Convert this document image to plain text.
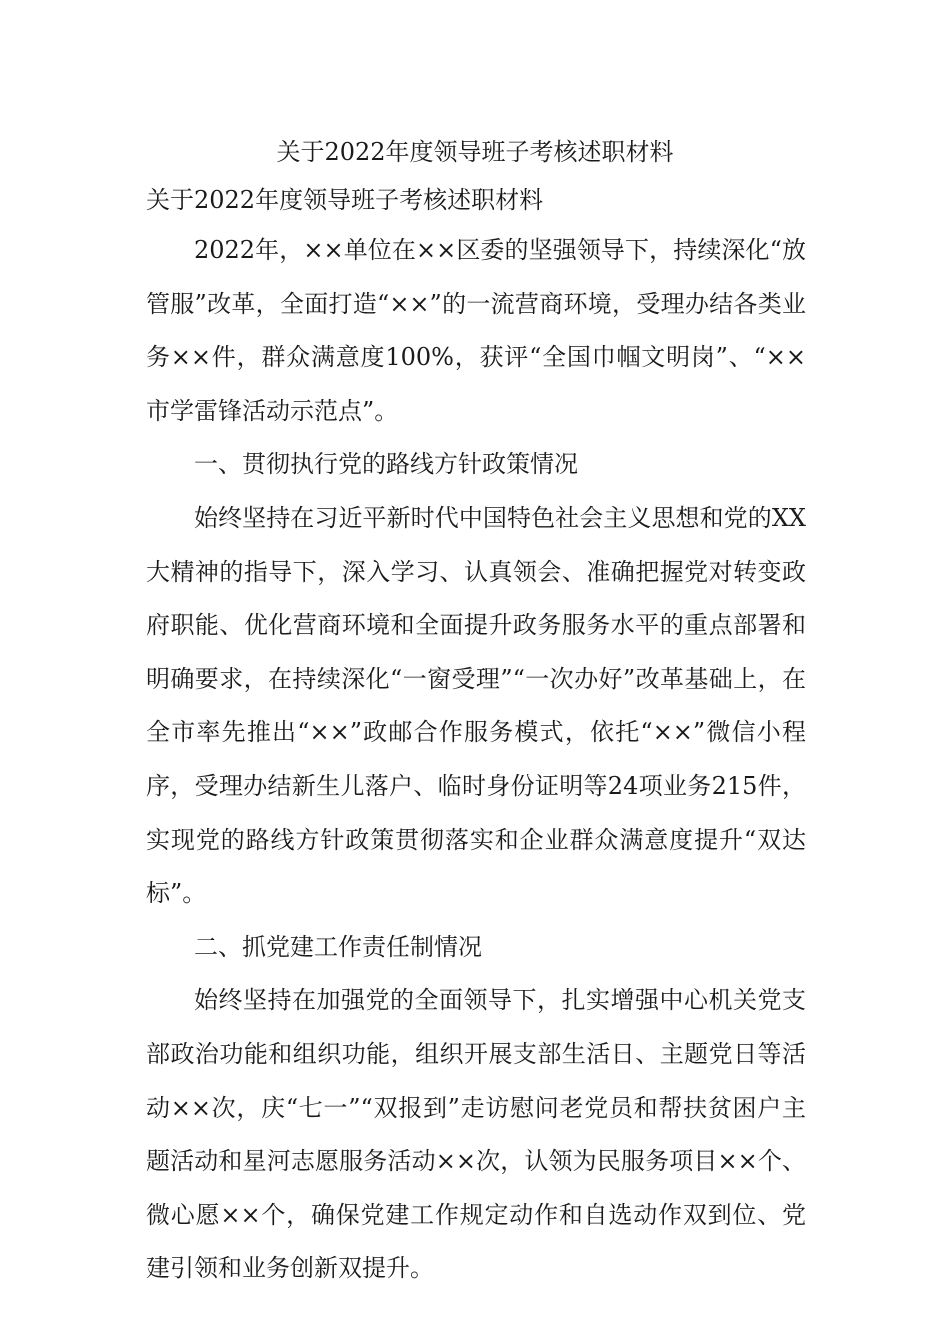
关于2022年度领导班子考核述职材料
关于2022年度领导班子考核述职材料

2022年，××单位在××区委的坚强领导下，持续深化“放管服”改革，全面打造“××”的一流营商环境，受理办结各类业务××件，群众满意度100%，获评“全国巾帼文明岗”、“××市学雷锋活动示范点”。

一、贯彻执行党的路线方针政策情况

始终坚持在习近平新时代中国特色社会主义思想和党的XX大精神的指导下，深入学习、认真领会、准确把握党对转变政府职能、优化营商环境和全面提升政务服务水平的重点部署和明确要求，在持续深化“一窗受理”“一次办好”改革基础上，在全市率先推出“××”政邮合作服务模式，依托“××”微信小程序，受理办结新生儿落户、临时身份证明等24项业务215件，实现党的路线方针政策贯彻落实和企业群众满意度提升“双达标”。

二、抓党建工作责任制情况

始终坚持在加强党的全面领导下，扎实增强中心机关党支部政治功能和组织功能，组织开展支部生活日、主题党日等活动××次，庆“七一”“双报到”走访慰问老党员和帮扶贫困户主题活动和星河志愿服务活动××次，认领为民服务项目××个、微心愿××个，确保党建工作规定动作和自选动作双到位、党建引领和业务创新双提升。
